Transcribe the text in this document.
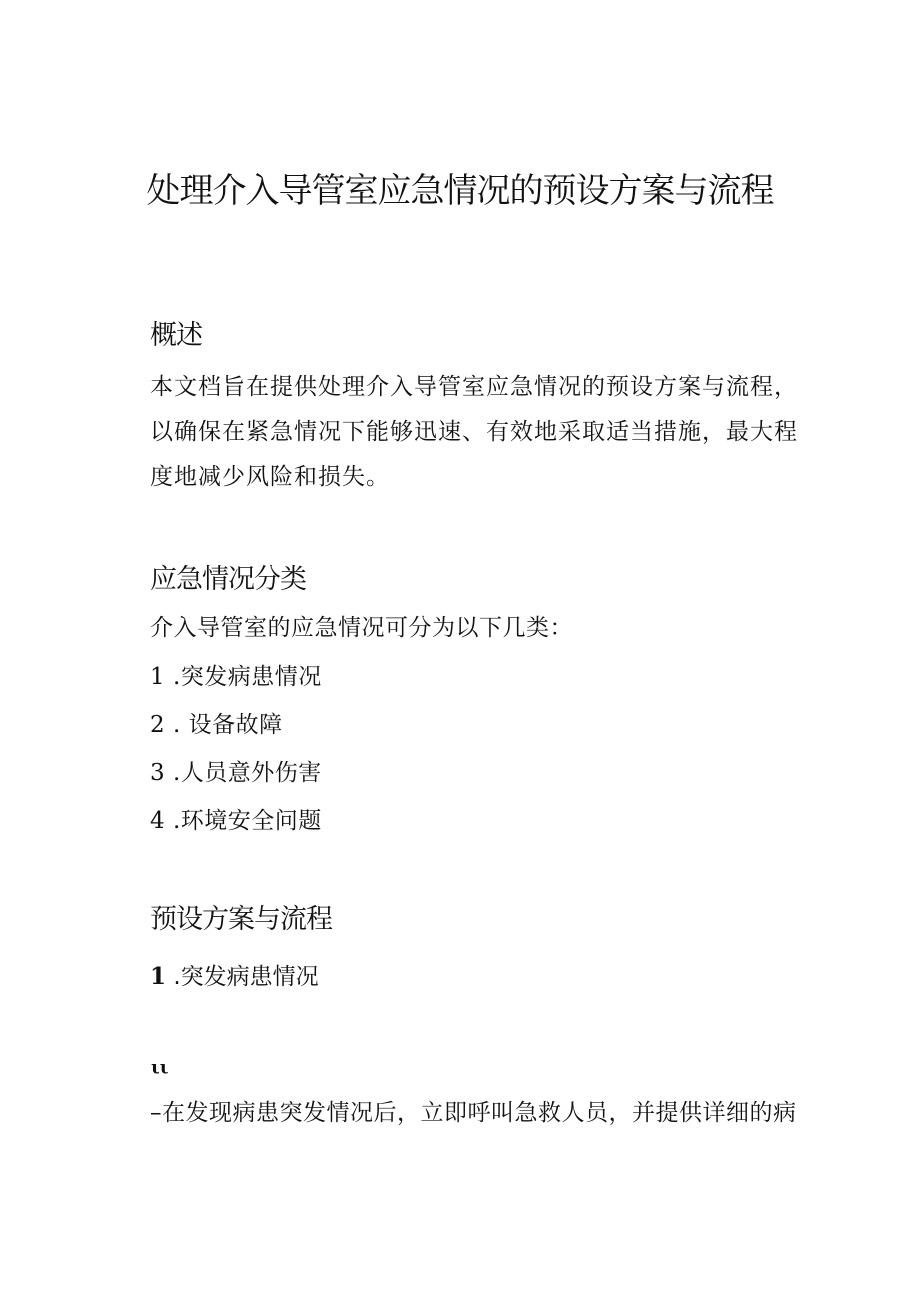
处理介入导管室应急情况的预设方案与流程
概述

本文档旨在提供处理介入导管室应急情况的预设方案与流程，以确保在紧急情况下能够迅速、有效地采取适当措施，最大程度地减少风险和损失。

应急情况分类

介入导管室的应急情况可分为以下几类：

1 .突发病患情况

2 . 设备故障

3 .人员意外伤害

4 .环境安全问题

预设方案与流程

1 .突发病患情况

ιι

–在发现病患突发情况后，立即呼叫急救人员，并提供详细的病
